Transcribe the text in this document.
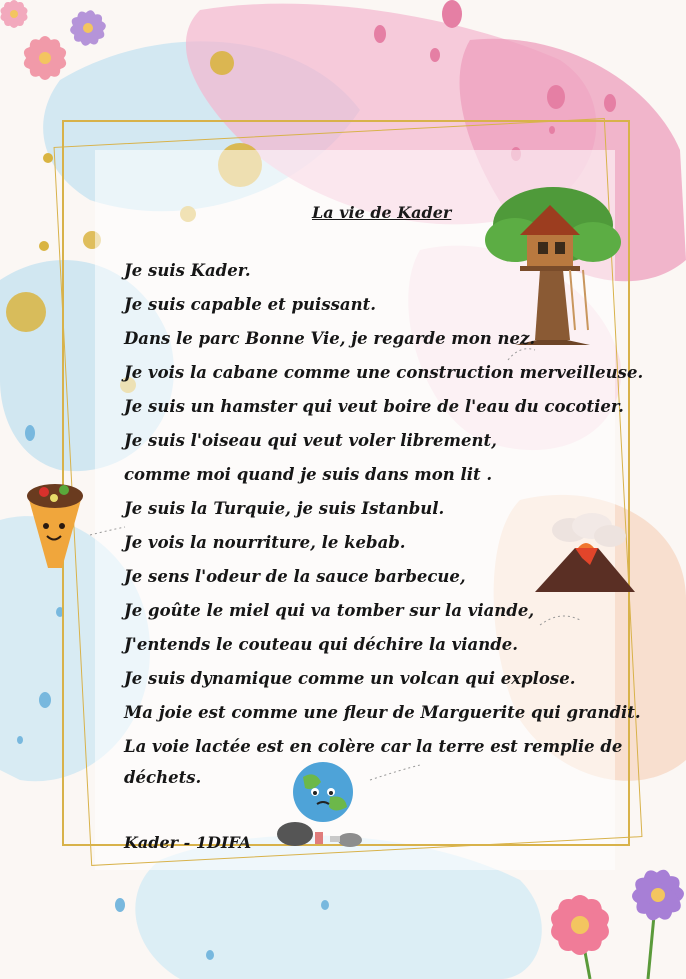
La vie de Kader
Je suis Kader.
Je suis capable et puissant.
Dans le parc Bonne Vie, je regarde mon nez.
Je vois la cabane comme une construction merveilleuse.
Je suis un hamster qui veut boire de l'eau du cocotier.
Je suis l'oiseau qui veut voler librement,
comme moi quand je suis dans mon lit .
Je suis la Turquie, je suis Istanbul.
Je vois la nourriture, le kebab.
Je sens l'odeur de la sauce barbecue,
Je goûte le miel qui va tomber sur la viande,
J'entends le couteau qui déchire la viande.
Je suis dynamique comme un volcan qui explose.
Ma joie est comme une fleur de Marguerite qui grandit.
La voie lactée est en colère car la terre est remplie de
déchets.
Kader - 1DIFA
